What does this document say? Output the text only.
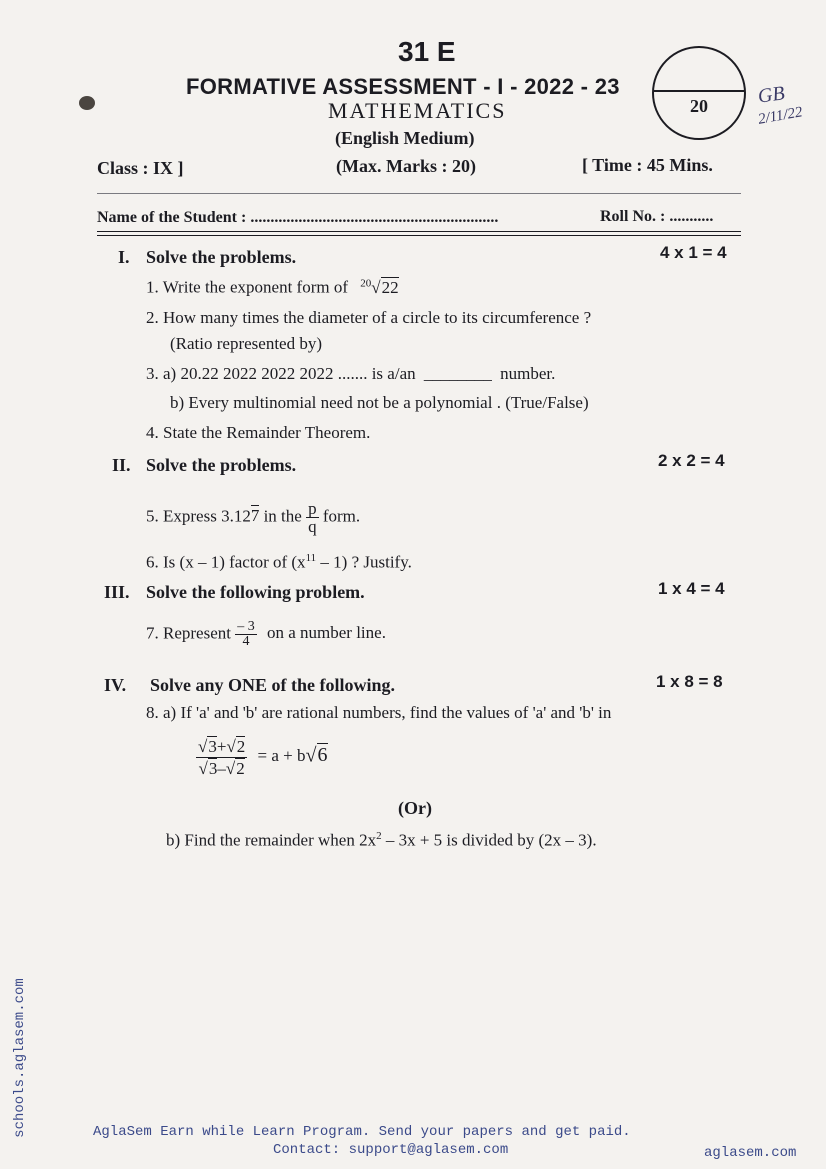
31 E
FORMATIVE ASSESSMENT - I - 2022 - 23
MATHEMATICS
(English Medium)
20	GB
2/11/22
Class : IX ]	(Max. Marks : 20)	[ Time : 45 Mins.
Name of the Student : ..............................................................	Roll No. : ...........
I. Solve the problems.	4 x 1 = 4
1. Write the exponent form of $^{20}$√22
2. How many times the diameter of a circle to its circumference ?
(Ratio represented by)
3. a) 20.22 2022 2022 2022 ....... is a/an ________ number.
b) Every multinomial need not be a polynomial . (True/False)
4. State the Remainder Theorem.
II. Solve the problems.	2 x 2 = 4
5. Express 3.127 in the $\frac{p}{q}$ form.
6. Is (x – 1) factor of $(x^{11} - 1)$ ? Justify.
III. Solve the following problem.	1 x 4 = 4
7. Represent $\frac{- 3}{4}$ on a number line.
IV. Solve any ONE of the following.	1 x 8 = 8
8. a) If 'a' and 'b' are rational numbers, find the values of 'a' and 'b' in
$\frac{√3+√2}{√3-√2} = a + b√6$
(Or)
b) Find the remainder when $2x^2 - 3x + 5$ is divided by (2x – 3).
schools.aglasem.com	AglaSem Earn while Learn Program. Send your papers and get paid.
Contact: support@aglasem.com	aglasem.com
